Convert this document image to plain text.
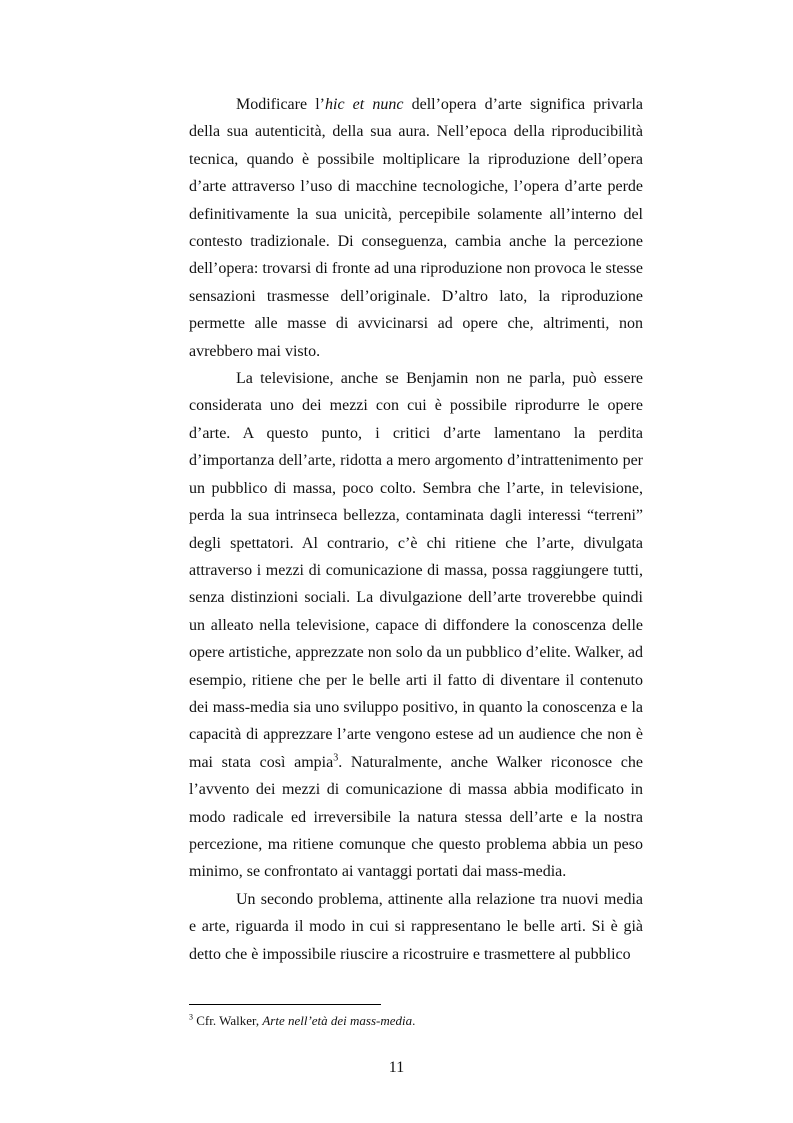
Modificare l’hic et nunc dell’opera d’arte significa privarla della sua autenticità, della sua aura. Nell’epoca della riproducibilità tecnica, quando è possibile moltiplicare la riproduzione dell’opera d’arte attraverso l’uso di macchine tecnologiche, l’opera d’arte perde definitivamente la sua unicità, percepibile solamente all’interno del contesto tradizionale. Di conseguenza, cambia anche la percezione dell’opera: trovarsi di fronte ad una riproduzione non provoca le stesse sensazioni trasmesse dell’originale. D’altro lato, la riproduzione permette alle masse di avvicinarsi ad opere che, altrimenti, non avrebbero mai visto.

La televisione, anche se Benjamin non ne parla, può essere considerata uno dei mezzi con cui è possibile riprodurre le opere d’arte. A questo punto, i critici d’arte lamentano la perdita d’importanza dell’arte, ridotta a mero argomento d’intrattenimento per un pubblico di massa, poco colto. Sembra che l’arte, in televisione, perda la sua intrinseca bellezza, contaminata dagli interessi “terreni” degli spettatori. Al contrario, c’è chi ritiene che l’arte, divulgata attraverso i mezzi di comunicazione di massa, possa raggiungere tutti, senza distinzioni sociali. La divulgazione dell’arte troverebbe quindi un alleato nella televisione, capace di diffondere la conoscenza delle opere artistiche, apprezzate non solo da un pubblico d’elite. Walker, ad esempio, ritiene che per le belle arti il fatto di diventare il contenuto dei mass-media sia uno sviluppo positivo, in quanto la conoscenza e la capacità di apprezzare l’arte vengono estese ad un audience che non è mai stata così ampia$^3$. Naturalmente, anche Walker riconosce che l’avvento dei mezzi di comunicazione di massa abbia modificato in modo radicale ed irreversibile la natura stessa dell’arte e la nostra percezione, ma ritiene comunque che questo problema abbia un peso minimo, se confrontato ai vantaggi portati dai mass-media.

Un secondo problema, attinente alla relazione tra nuovi media e arte, riguarda il modo in cui si rappresentano le belle arti. Si è già detto che è impossibile riuscire a ricostruire e trasmettere al pubblico

$^3$ Cfr. Walker, Arte nell’età dei mass-media.
11
